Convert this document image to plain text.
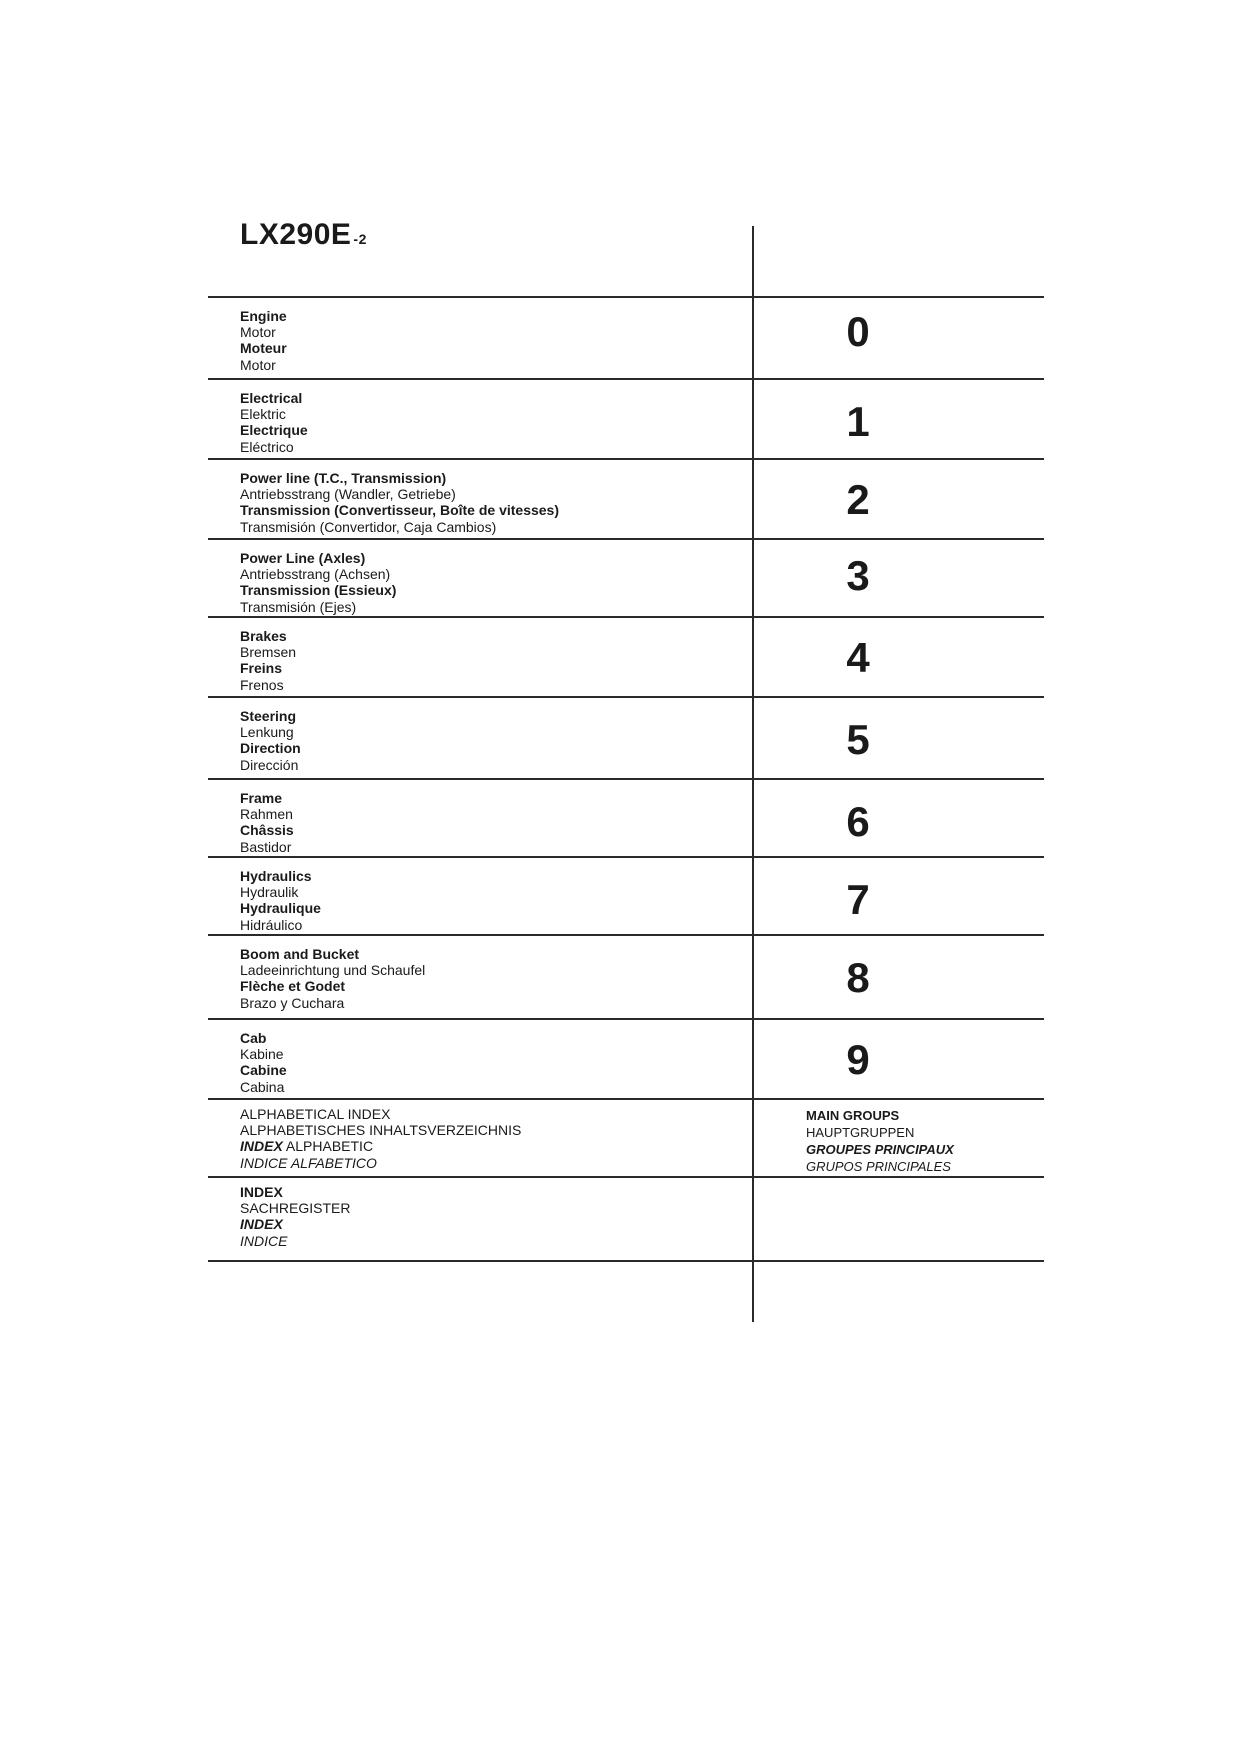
LX290E -2
Engine
Motor
Moteur
Motor
0
Electrical
Elektric
Electrique
Eléctrico
1
Power line (T.C., Transmission)
Antriebsstrang (Wandler, Getriebe)
Transmission (Convertisseur, Boîte de vitesses)
Transmisión (Convertidor, Caja Cambios)
2
Power Line (Axles)
Antriebsstrang (Achsen)
Transmission (Essieux)
Transmisión (Ejes)
3
Brakes
Bremsen
Freins
Frenos
4
Steering
Lenkung
Direction
Dirección
5
Frame
Rahmen
Châssis
Bastidor
6
Hydraulics
Hydraulik
Hydraulique
Hidráulico
7
Boom and Bucket
Ladeeinrichtung und Schaufel
Flèche et Godet
Brazo y Cuchara
8
Cab
Kabine
Cabine
Cabina
9
ALPHABETICAL INDEX
ALPHABETISCHES INHALTSVERZEICHNIS
INDEX ALPHABETIC
INDICE ALFABETICO
MAIN GROUPS
HAUPTGRUPPEN
GROUPES PRINCIPAUX
GRUPOS PRINCIPALES
INDEX
SACHREGISTER
INDEX
INDICE
